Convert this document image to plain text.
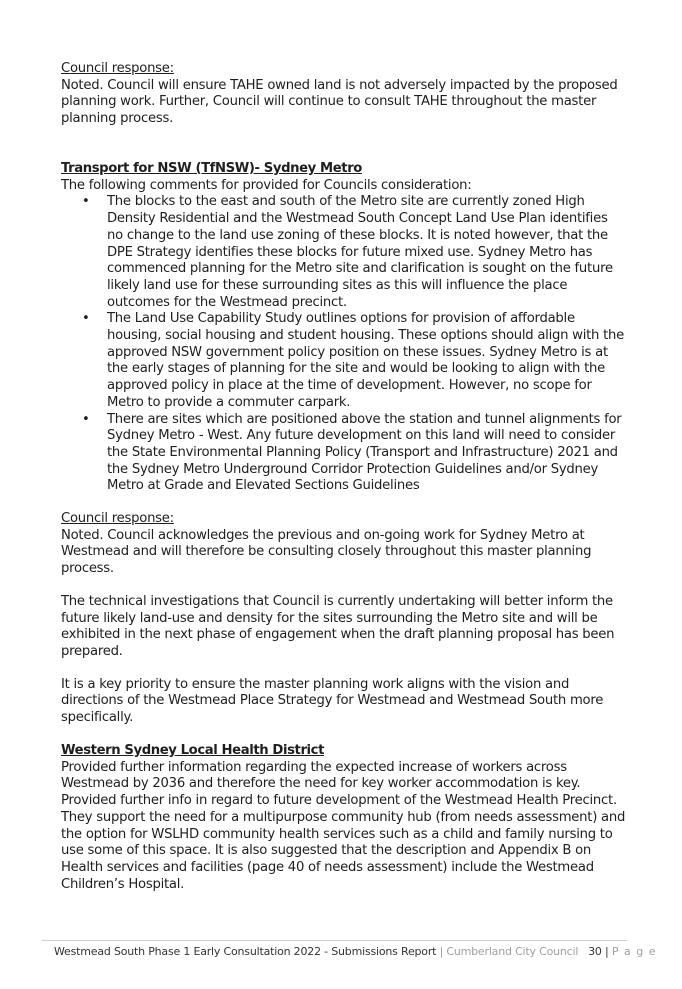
Council response:
Noted. Council will ensure TAHE owned land is not adversely impacted by the proposed planning work. Further, Council will continue to consult TAHE throughout the master planning process.
Transport for NSW (TfNSW)- Sydney Metro
The following comments for provided for Councils consideration:
• The blocks to the east and south of the Metro site are currently zoned High Density Residential and the Westmead South Concept Land Use Plan identifies no change to the land use zoning of these blocks. It is noted however, that the DPE Strategy identifies these blocks for future mixed use. Sydney Metro has commenced planning for the Metro site and clarification is sought on the future likely land use for these surrounding sites as this will influence the place outcomes for the Westmead precinct.
• The Land Use Capability Study outlines options for provision of affordable housing, social housing and student housing. These options should align with the approved NSW government policy position on these issues. Sydney Metro is at the early stages of planning for the site and would be looking to align with the approved policy in place at the time of development. However, no scope for Metro to provide a commuter carpark.
• There are sites which are positioned above the station and tunnel alignments for Sydney Metro - West. Any future development on this land will need to consider the State Environmental Planning Policy (Transport and Infrastructure) 2021 and the Sydney Metro Underground Corridor Protection Guidelines and/or Sydney Metro at Grade and Elevated Sections Guidelines
Council response:
Noted. Council acknowledges the previous and on-going work for Sydney Metro at Westmead and will therefore be consulting closely throughout this master planning process.
The technical investigations that Council is currently undertaking will better inform the future likely land-use and density for the sites surrounding the Metro site and will be exhibited in the next phase of engagement when the draft planning proposal has been prepared.
It is a key priority to ensure the master planning work aligns with the vision and directions of the Westmead Place Strategy for Westmead and Westmead South more specifically.
Western Sydney Local Health District
Provided further information regarding the expected increase of workers across Westmead by 2036 and therefore the need for key worker accommodation is key.
Provided further info in regard to future development of the Westmead Health Precinct. They support the need for a multipurpose community hub (from needs assessment) and the option for WSLHD community health services such as a child and family nursing to use some of this space. It is also suggested that the description and Appendix B on Health services and facilities (page 40 of needs assessment) include the Westmead Children’s Hospital.
Westmead South Phase 1 Early Consultation 2022 - Submissions Report | Cumberland City Council 30 | P a g e
